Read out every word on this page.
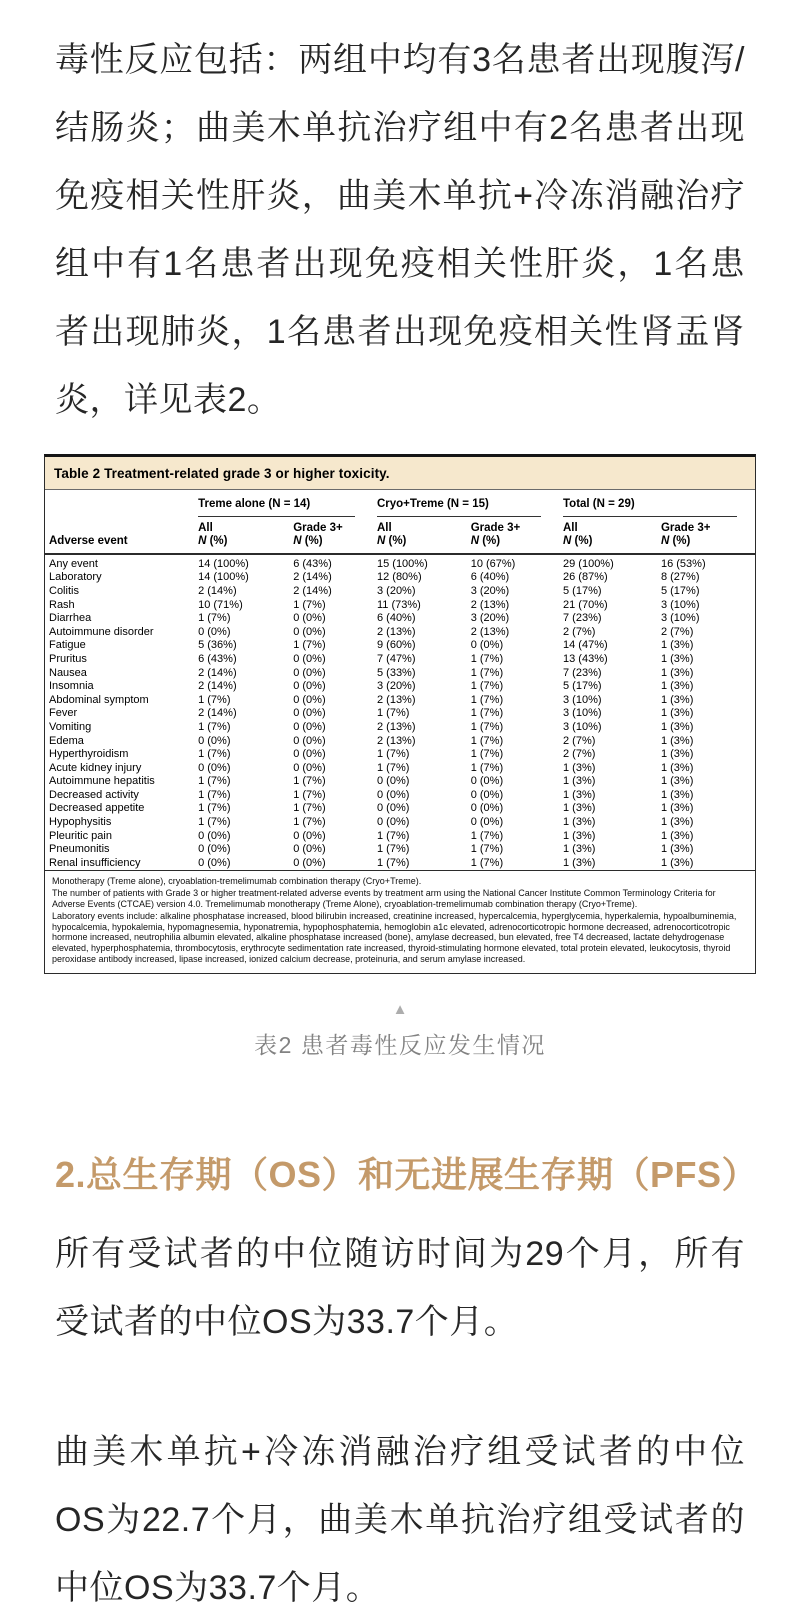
毒性反应包括：两组中均有3名患者出现腹泻/结肠炎；曲美木单抗治疗组中有2名患者出现免疫相关性肝炎，曲美木单抗+冷冻消融治疗组中有1名患者出现免疫相关性肝炎，1名患者出现肺炎，1名患者出现免疫相关性肾盂肾炎，详见表2。

Table 2 Treatment-related grade 3 or higher toxicity.

	Treme alone (N = 14)		Cryo+Treme (N = 15)		Total (N = 29)	

	All	Grade 3+	All	Grade 3+	All	Grade 3+
Adverse event	N (%)	N (%)	N (%)	N (%)	N (%)	N (%)
Any event	14 (100%)	6 (43%)	15 (100%)	10 (67%)	29 (100%)	16 (53%)
Laboratory	14 (100%)	2 (14%)	12 (80%)	6 (40%)	26 (87%)	8 (27%)
Colitis	2 (14%)	2 (14%)	3 (20%)	3 (20%)	5 (17%)	5 (17%)
Rash	10 (71%)	1 (7%)	11 (73%)	2 (13%)	21 (70%)	3 (10%)
Diarrhea	1 (7%)	0 (0%)	6 (40%)	3 (20%)	7 (23%)	3 (10%)
Autoimmune disorder	0 (0%)	0 (0%)	2 (13%)	2 (13%)	2 (7%)	2 (7%)
Fatigue	5 (36%)	1 (7%)	9 (60%)	0 (0%)	14 (47%)	1 (3%)
Pruritus	6 (43%)	0 (0%)	7 (47%)	1 (7%)	13 (43%)	1 (3%)
Nausea	2 (14%)	0 (0%)	5 (33%)	1 (7%)	7 (23%)	1 (3%)
Insomnia	2 (14%)	0 (0%)	3 (20%)	1 (7%)	5 (17%)	1 (3%)
Abdominal symptom	1 (7%)	0 (0%)	2 (13%)	1 (7%)	3 (10%)	1 (3%)
Fever	2 (14%)	0 (0%)	1 (7%)	1 (7%)	3 (10%)	1 (3%)
Vomiting	1 (7%)	0 (0%)	2 (13%)	1 (7%)	3 (10%)	1 (3%)
Edema	0 (0%)	0 (0%)	2 (13%)	1 (7%)	2 (7%)	1 (3%)
Hyperthyroidism	1 (7%)	0 (0%)	1 (7%)	1 (7%)	2 (7%)	1 (3%)
Acute kidney injury	0 (0%)	0 (0%)	1 (7%)	1 (7%)	1 (3%)	1 (3%)
Autoimmune hepatitis	1 (7%)	1 (7%)	0 (0%)	0 (0%)	1 (3%)	1 (3%)
Decreased activity	1 (7%)	1 (7%)	0 (0%)	0 (0%)	1 (3%)	1 (3%)
Decreased appetite	1 (7%)	1 (7%)	0 (0%)	0 (0%)	1 (3%)	1 (3%)
Hypophysitis	1 (7%)	1 (7%)	0 (0%)	0 (0%)	1 (3%)	1 (3%)
Pleuritic pain	0 (0%)	0 (0%)	1 (7%)	1 (7%)	1 (3%)	1 (3%)
Pneumonitis	0 (0%)	0 (0%)	1 (7%)	1 (7%)	1 (3%)	1 (3%)
Renal insufficiency	0 (0%)	0 (0%)	1 (7%)	1 (7%)	1 (3%)	1 (3%)

Monotherapy (Treme alone), cryoablation-tremelimumab combination therapy (Cryo+Treme).

The number of patients with Grade 3 or higher treatment-related adverse events by treatment arm using the National Cancer Institute Common Terminology Criteria for Adverse Events (CTCAE) version 4.0. Tremelimumab monotherapy (Treme Alone), cryoablation-tremelimumab combination therapy (Cryo+Treme).

Laboratory events include: alkaline phosphatase increased, blood bilirubin increased, creatinine increased, hypercalcemia, hyperglycemia, hyperkalemia, hypoalbuminemia, hypocalcemia, hypokalemia, hypomagnesemia, hyponatremia, hypophosphatemia, hemoglobin a1c elevated, adrenocorticotropic hormone decreased, adrenocorticotropic hormone increased, neutrophilia albumin elevated, alkaline phosphatase increased (bone), amylase decreased, bun elevated, free T4 decreased, lactate dehydrogenase elevated, hyperphosphatemia, thrombocytosis, erythrocyte sedimentation rate increased, thyroid-stimulating hormone elevated, total protein elevated, leukocytosis, thyroid peroxidase antibody increased, lipase increased, ionized calcium decrease, proteinuria, and serum amylase increased.

▲
表2 患者毒性反应发生情况
2.总生存期（OS）和无进展生存期（PFS）

所有受试者的中位随访时间为29个月，所有受试者的中位OS为33.7个月。

曲美木单抗+冷冻消融治疗组受试者的中位OS为22.7个月，曲美木单抗治疗组受试者的中位OS为33.7个月。
